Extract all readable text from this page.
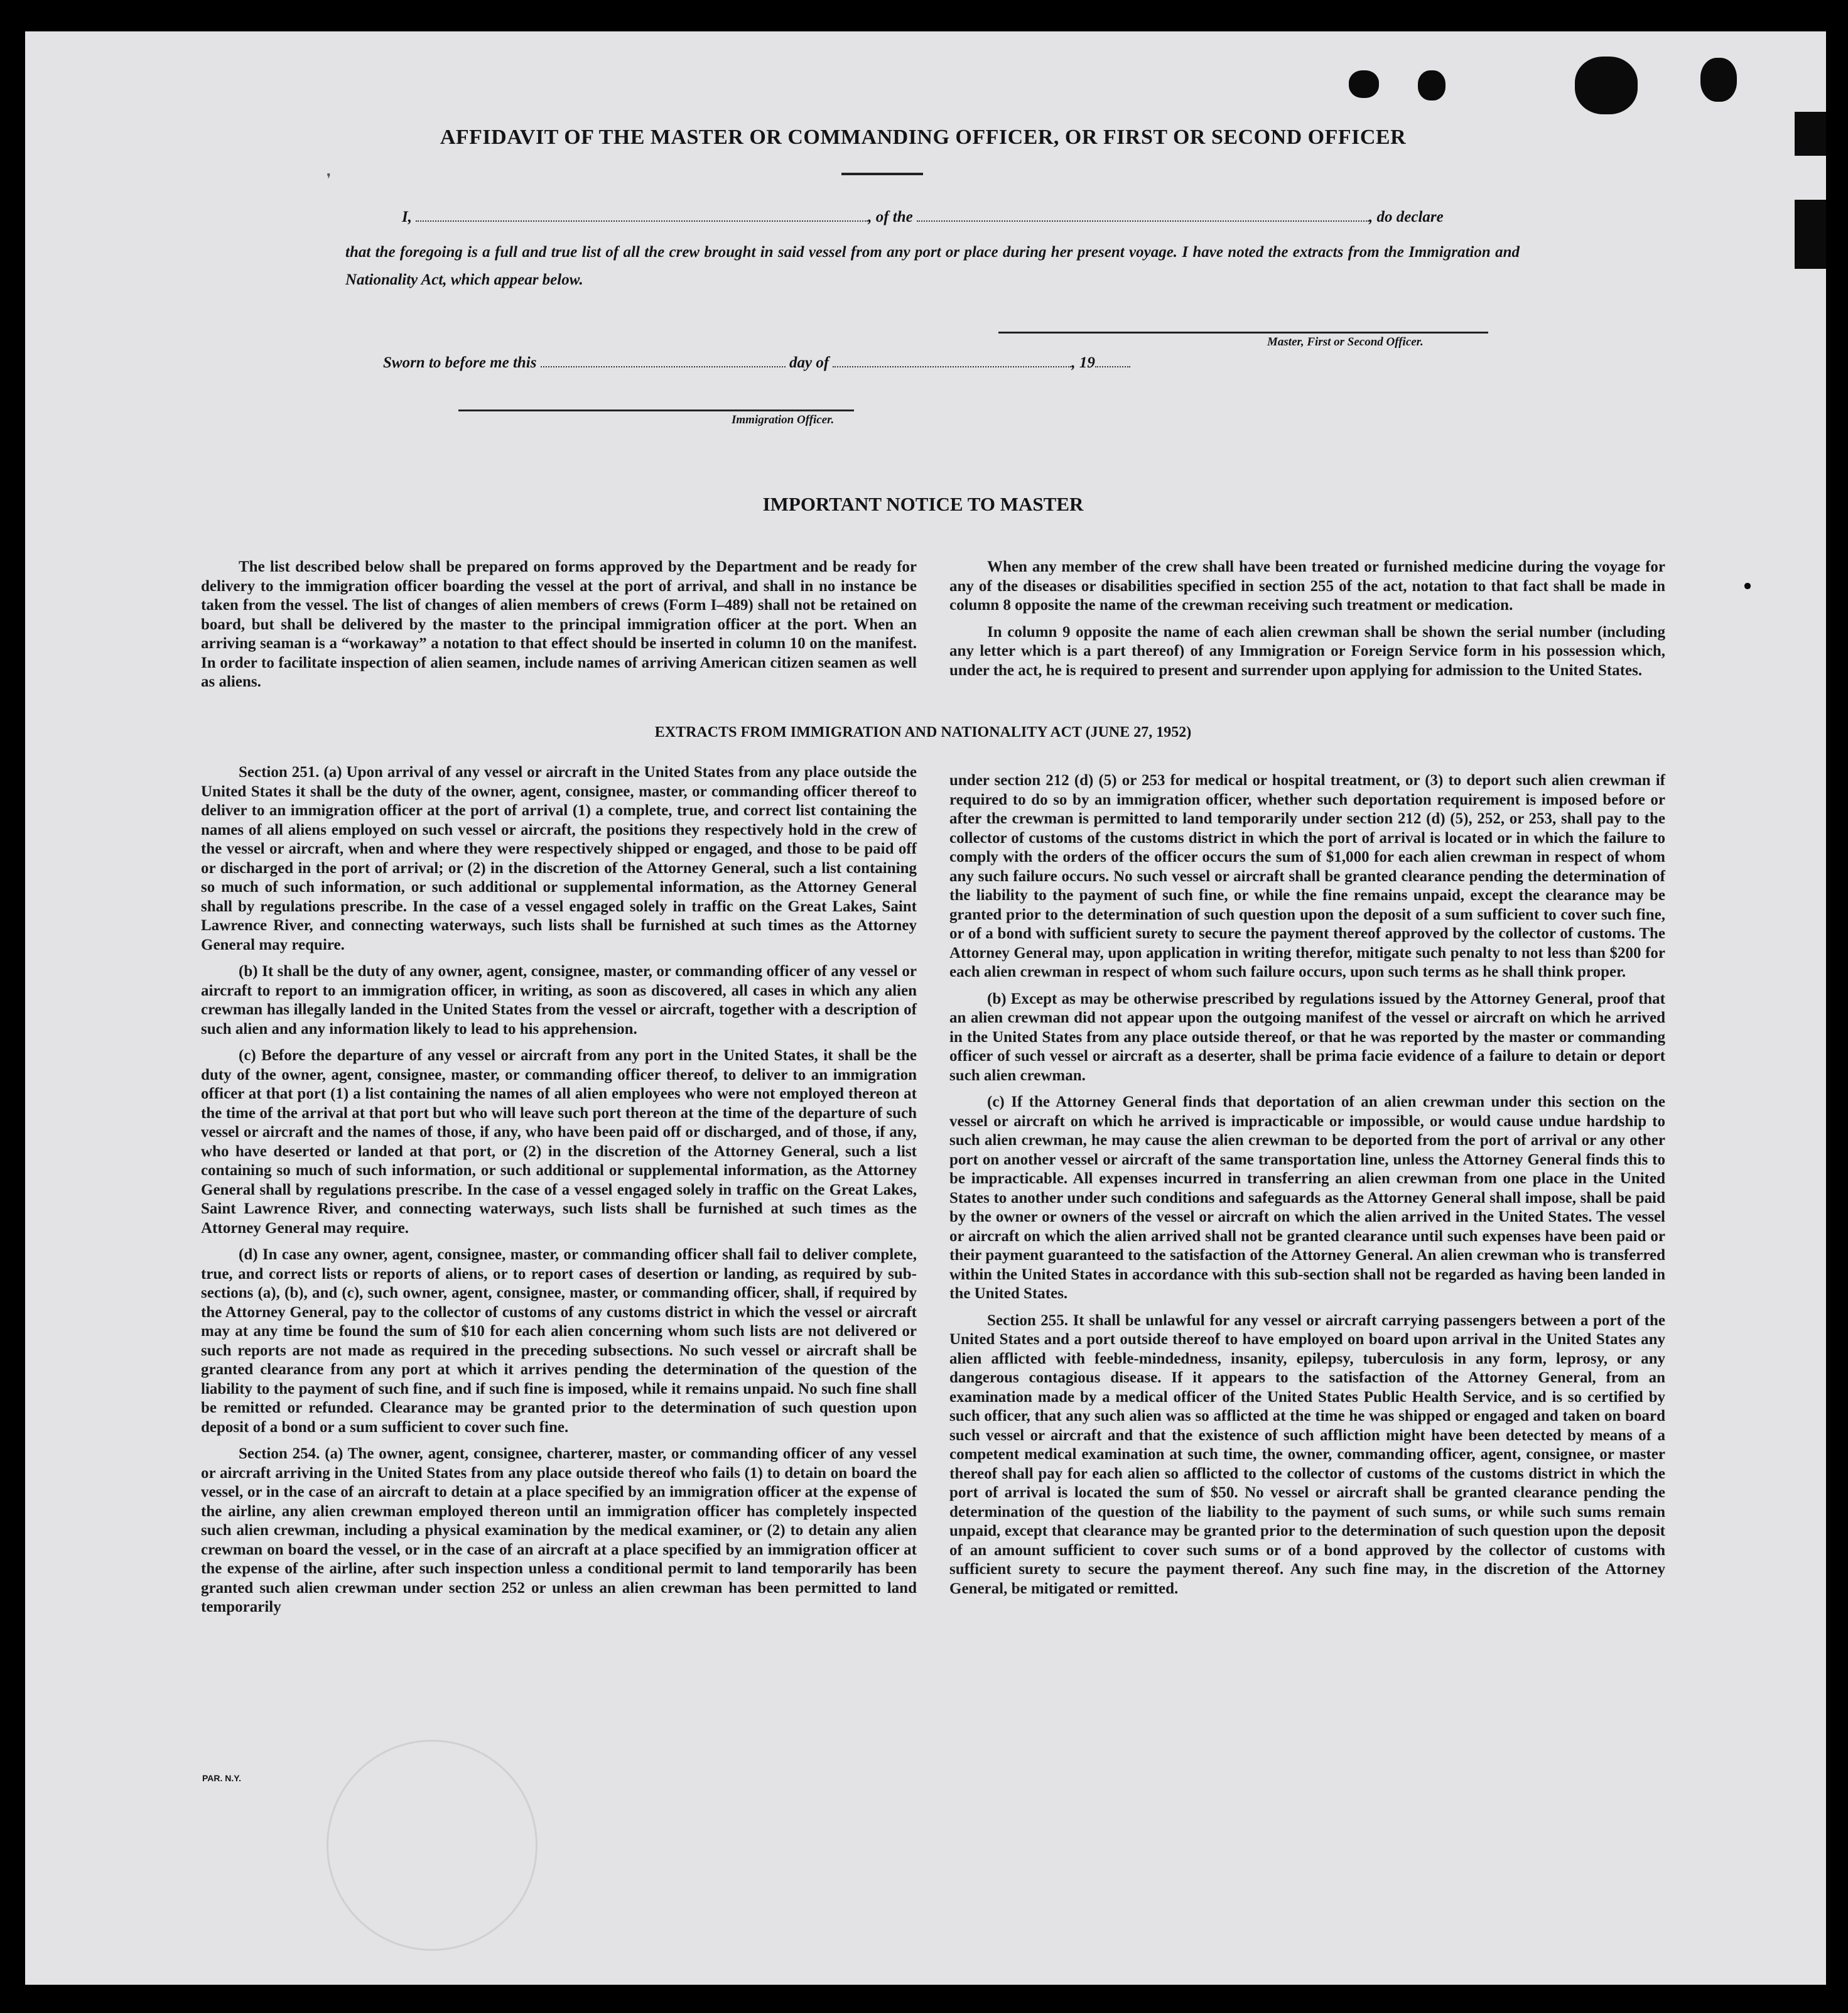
AFFIDAVIT OF THE MASTER OR COMMANDING OFFICER, OR FIRST OR SECOND OFFICER
I,	, of the	, do declare
that the foregoing is a full and true list of all the crew brought in said vessel from any port or place during her present voyage. I have noted the extracts from the Immigration and Nationality Act, which appear below.
Master, First or Second Officer.
Sworn to before me this	day of	, 19
Immigration Officer.
IMPORTANT NOTICE TO MASTER

The list described below shall be prepared on forms approved by the Department and be ready for delivery to the immigration officer boarding the vessel at the port of arrival, and shall in no instance be taken from the vessel. The list of changes of alien members of crews (Form I–489) shall not be retained on board, but shall be delivered by the master to the principal immigration officer at the port. When an arriving seaman is a “workaway” a notation to that effect should be inserted in column 10 on the manifest. In order to facilitate inspection of alien seamen, include names of arriving American citizen seamen as well as aliens.

When any member of the crew shall have been treated or furnished medicine during the voyage for any of the diseases or disabilities specified in section 255 of the act, notation to that fact shall be made in column 8 opposite the name of the crewman receiving such treatment or medication.

In column 9 opposite the name of each alien crewman shall be shown the serial number (including any letter which is a part thereof) of any Immigration or Foreign Service form in his possession which, under the act, he is required to present and surrender upon applying for admission to the United States.

EXTRACTS FROM IMMIGRATION AND NATIONALITY ACT (JUNE 27, 1952)

Section 251. (a) Upon arrival of any vessel or aircraft in the United States from any place outside the United States it shall be the duty of the owner, agent, consignee, master, or commanding officer thereof to deliver to an immigration officer at the port of arrival (1) a complete, true, and correct list containing the names of all aliens employed on such vessel or aircraft, the positions they respectively hold in the crew of the vessel or aircraft, when and where they were respectively shipped or engaged, and those to be paid off or discharged in the port of arrival; or (2) in the discretion of the Attorney General, such a list containing so much of such information, or such additional or supplemental information, as the Attorney General shall by regulations prescribe. In the case of a vessel engaged solely in traffic on the Great Lakes, Saint Lawrence River, and connecting waterways, such lists shall be furnished at such times as the Attorney General may require.

(b) It shall be the duty of any owner, agent, consignee, master, or commanding officer of any vessel or aircraft to report to an immigration officer, in writing, as soon as discovered, all cases in which any alien crewman has illegally landed in the United States from the vessel or aircraft, together with a description of such alien and any information likely to lead to his apprehension.

(c) Before the departure of any vessel or aircraft from any port in the United States, it shall be the duty of the owner, agent, consignee, master, or commanding officer thereof, to deliver to an immigration officer at that port (1) a list containing the names of all alien employees who were not employed thereon at the time of the arrival at that port but who will leave such port thereon at the time of the departure of such vessel or aircraft and the names of those, if any, who have been paid off or discharged, and of those, if any, who have deserted or landed at that port, or (2) in the discretion of the Attorney General, such a list containing so much of such information, or such additional or supplemental information, as the Attorney General shall by regulations prescribe. In the case of a vessel engaged solely in traffic on the Great Lakes, Saint Lawrence River, and connecting waterways, such lists shall be furnished at such times as the Attorney General may require.

(d) In case any owner, agent, consignee, master, or commanding officer shall fail to deliver complete, true, and correct lists or reports of aliens, or to report cases of desertion or landing, as required by sub-sections (a), (b), and (c), such owner, agent, consignee, master, or commanding officer, shall, if required by the Attorney General, pay to the collector of customs of any customs district in which the vessel or aircraft may at any time be found the sum of $10 for each alien concerning whom such lists are not delivered or such reports are not made as required in the preceding subsections. No such vessel or aircraft shall be granted clearance from any port at which it arrives pending the determination of the question of the liability to the payment of such fine, and if such fine is imposed, while it remains unpaid. No such fine shall be remitted or refunded. Clearance may be granted prior to the determination of such question upon deposit of a bond or a sum sufficient to cover such fine.

Section 254. (a) The owner, agent, consignee, charterer, master, or commanding officer of any vessel or aircraft arriving in the United States from any place outside thereof who fails (1) to detain on board the vessel, or in the case of an aircraft to detain at a place specified by an immigration officer at the expense of the airline, any alien crewman employed thereon until an immigration officer has completely inspected such alien crewman, including a physical examination by the medical examiner, or (2) to detain any alien crewman on board the vessel, or in the case of an aircraft at a place specified by an immigration officer at the expense of the airline, after such inspection unless a conditional permit to land temporarily has been granted such alien crewman under section 252 or unless an alien crewman has been permitted to land temporarily

under section 212 (d) (5) or 253 for medical or hospital treatment, or (3) to deport such alien crewman if required to do so by an immigration officer, whether such deportation requirement is imposed before or after the crewman is permitted to land temporarily under section 212 (d) (5), 252, or 253, shall pay to the collector of customs of the customs district in which the port of arrival is located or in which the failure to comply with the orders of the officer occurs the sum of $1,000 for each alien crewman in respect of whom any such failure occurs. No such vessel or aircraft shall be granted clearance pending the determination of the liability to the payment of such fine, or while the fine remains unpaid, except the clearance may be granted prior to the determination of such question upon the deposit of a sum sufficient to cover such fine, or of a bond with sufficient surety to secure the payment thereof approved by the collector of customs. The Attorney General may, upon application in writing therefor, mitigate such penalty to not less than $200 for each alien crewman in respect of whom such failure occurs, upon such terms as he shall think proper.

(b) Except as may be otherwise prescribed by regulations issued by the Attorney General, proof that an alien crewman did not appear upon the outgoing manifest of the vessel or aircraft on which he arrived in the United States from any place outside thereof, or that he was reported by the master or commanding officer of such vessel or aircraft as a deserter, shall be prima facie evidence of a failure to detain or deport such alien crewman.

(c) If the Attorney General finds that deportation of an alien crewman under this section on the vessel or aircraft on which he arrived is impracticable or impossible, or would cause undue hardship to such alien crewman, he may cause the alien crewman to be deported from the port of arrival or any other port on another vessel or aircraft of the same transportation line, unless the Attorney General finds this to be impracticable. All expenses incurred in transferring an alien crewman from one place in the United States to another under such conditions and safeguards as the Attorney General shall impose, shall be paid by the owner or owners of the vessel or aircraft on which the alien arrived in the United States. The vessel or aircraft on which the alien arrived shall not be granted clearance until such expenses have been paid or their payment guaranteed to the satisfaction of the Attorney General. An alien crewman who is transferred within the United States in accordance with this sub-section shall not be regarded as having been landed in the United States.

Section 255. It shall be unlawful for any vessel or aircraft carrying passengers between a port of the United States and a port outside thereof to have employed on board upon arrival in the United States any alien afflicted with feeble-mindedness, insanity, epilepsy, tuberculosis in any form, leprosy, or any dangerous contagious disease. If it appears to the satisfaction of the Attorney General, from an examination made by a medical officer of the United States Public Health Service, and is so certified by such officer, that any such alien was so afflicted at the time he was shipped or engaged and taken on board such vessel or aircraft and that the existence of such affliction might have been detected by means of a competent medical examination at such time, the owner, commanding officer, agent, consignee, or master thereof shall pay for each alien so afflicted to the collector of customs of the customs district in which the port of arrival is located the sum of $50. No vessel or aircraft shall be granted clearance pending the determination of the question of the liability to the payment of such sums, or while such sums remain unpaid, except that clearance may be granted prior to the determination of such question upon the deposit of an amount sufficient to cover such sums or of a bond approved by the collector of customs with sufficient surety to secure the payment thereof. Any such fine may, in the discretion of the Attorney General, be mitigated or remitted.

PAR. N.Y.
❜
